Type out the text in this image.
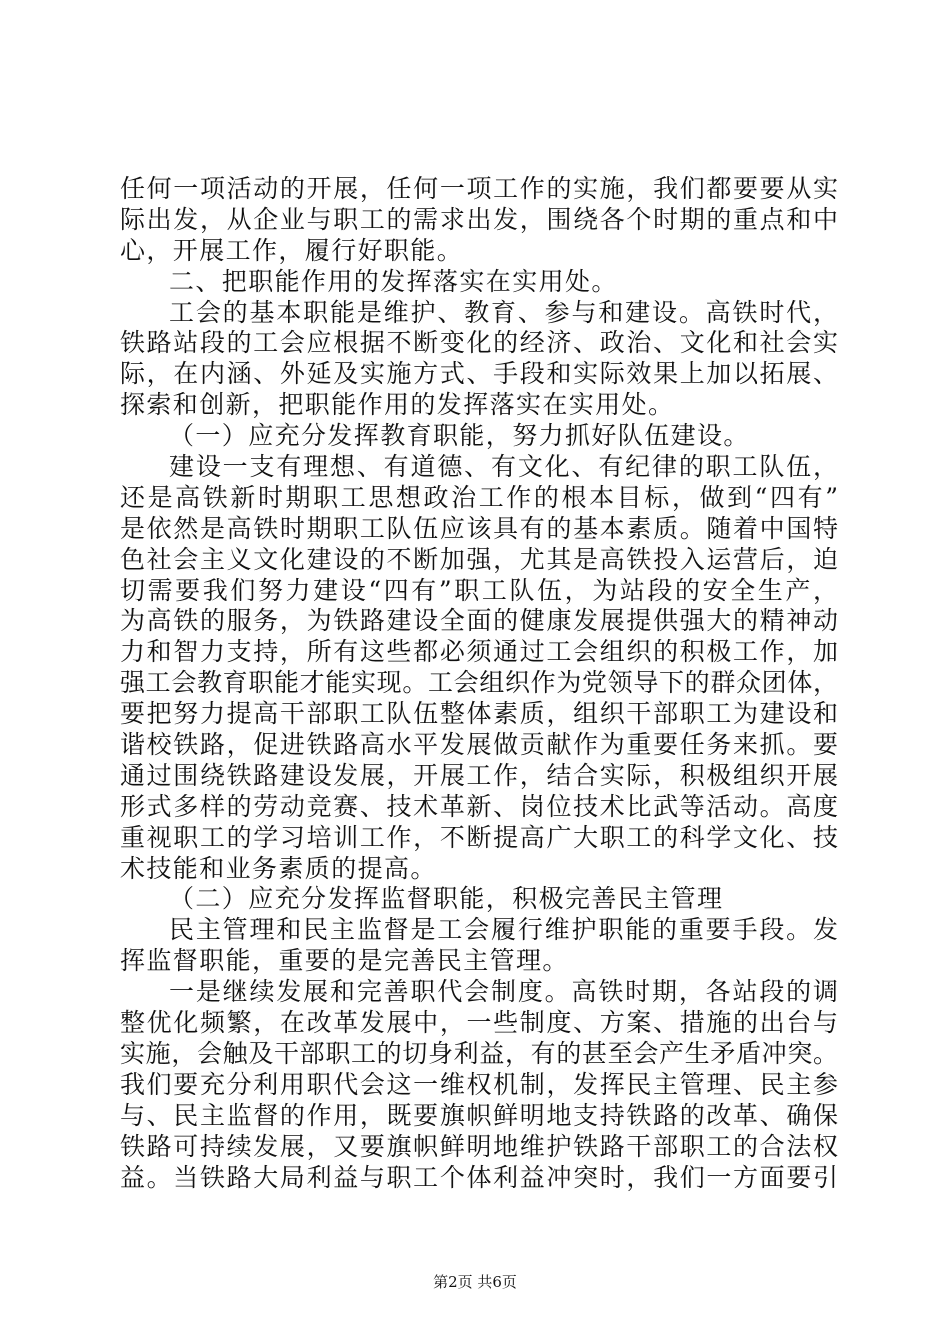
任何一项活动的开展，任何一项工作的实施，我们都要要从实
际出发，从企业与职工的需求出发，围绕各个时期的重点和中
心，开展工作，履行好职能。
二、把职能作用的发挥落实在实用处。
工会的基本职能是维护、教育、参与和建设。高铁时代，
铁路站段的工会应根据不断变化的经济、政治、文化和社会实
际，在内涵、外延及实施方式、手段和实际效果上加以拓展、
探索和创新，把职能作用的发挥落实在实用处。
（一）应充分发挥教育职能，努力抓好队伍建设。
建设一支有理想、有道德、有文化、有纪律的职工队伍，
还是高铁新时期职工思想政治工作的根本目标，做到“四有”
是依然是高铁时期职工队伍应该具有的基本素质。随着中国特
色社会主义文化建设的不断加强，尤其是高铁投入运营后，迫
切需要我们努力建设“四有”职工队伍，为站段的安全生产，
为高铁的服务，为铁路建设全面的健康发展提供强大的精神动
力和智力支持，所有这些都必须通过工会组织的积极工作，加
强工会教育职能才能实现。工会组织作为党领导下的群众团体，
要把努力提高干部职工队伍整体素质，组织干部职工为建设和
谐校铁路，促进铁路高水平发展做贡献作为重要任务来抓。要
通过围绕铁路建设发展，开展工作，结合实际，积极组织开展
形式多样的劳动竞赛、技术革新、岗位技术比武等活动。高度
重视职工的学习培训工作，不断提高广大职工的科学文化、技
术技能和业务素质的提高。
（二）应充分发挥监督职能，积极完善民主管理
民主管理和民主监督是工会履行维护职能的重要手段。发
挥监督职能，重要的是完善民主管理。
一是继续发展和完善职代会制度。高铁时期，各站段的调
整优化频繁，在改革发展中，一些制度、方案、措施的出台与
实施，会触及干部职工的切身利益，有的甚至会产生矛盾冲突。
我们要充分利用职代会这一维权机制，发挥民主管理、民主参
与、民主监督的作用，既要旗帜鲜明地支持铁路的改革、确保
铁路可持续发展，又要旗帜鲜明地维护铁路干部职工的合法权
益。当铁路大局利益与职工个体利益冲突时，我们一方面要引
第2页 共6页
